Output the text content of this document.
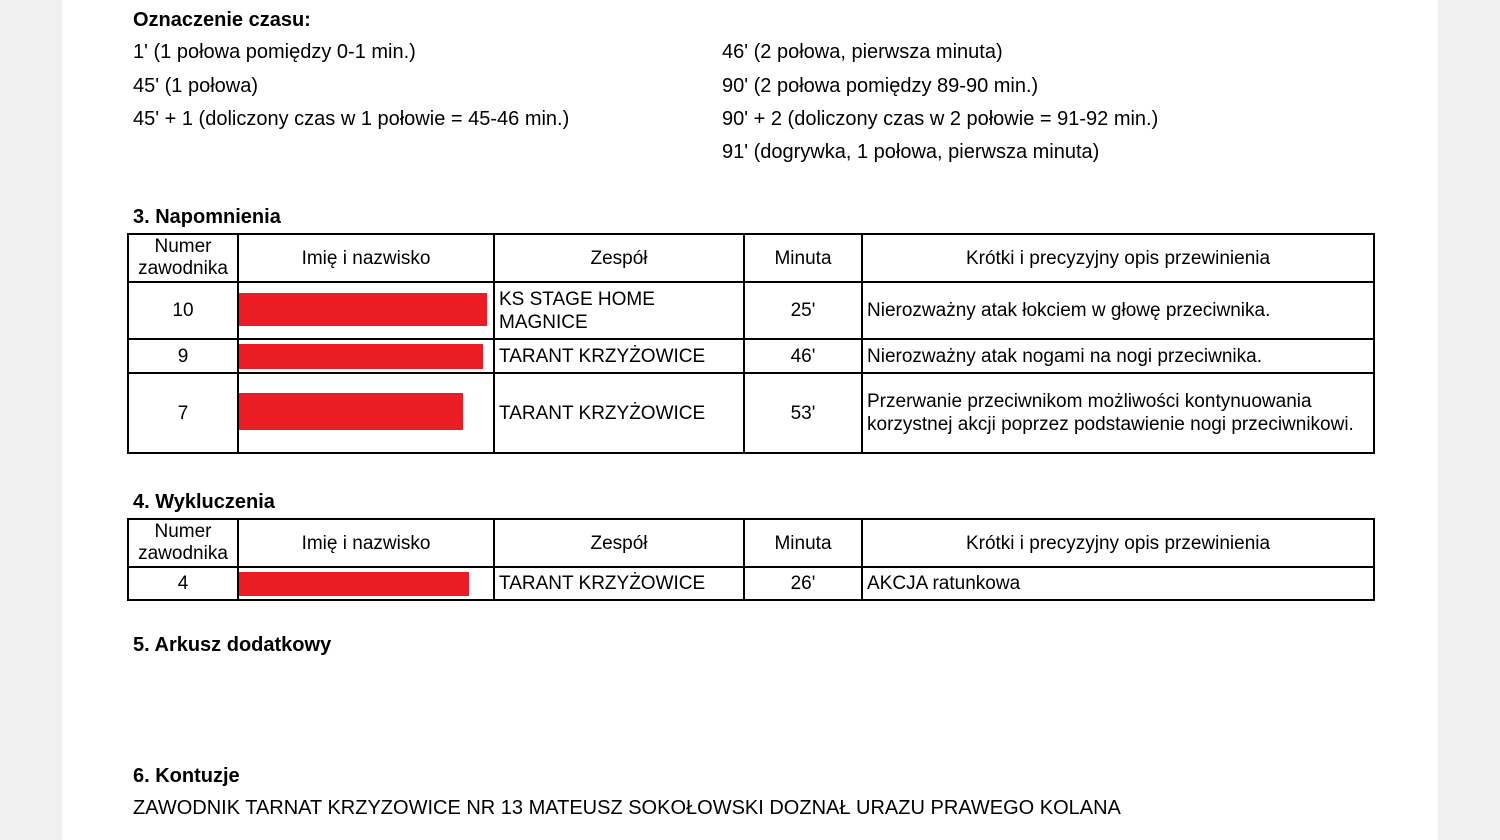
Oznaczenie czasu:
1' (1 połowa pomiędzy 0-1 min.)
45' (1 połowa)
45' + 1 (doliczony czas w 1 połowie = 45-46 min.)
46' (2 połowa, pierwsza minuta)
90' (2 połowa pomiędzy 89-90 min.)
90' + 2 (doliczony czas w 2 połowie = 91-92 min.)
91' (dogrywka, 1 połowa, pierwsza minuta)
3. Napomnienia
Numer zawodnika	Imię i nazwisko	Zespół	Minuta	Krótki i precyzyjny opis przewinienia
10		KS STAGE HOME MAGNICE	25'	Nierozważny atak łokciem w głowę przeciwnika.
9		TARANT KRZYŻOWICE	46'	Nierozważny atak nogami na nogi przeciwnika.
7		TARANT KRZYŻOWICE	53'	Przerwanie przeciwnikom możliwości kontynuowania korzystnej akcji poprzez podstawienie nogi przeciwnikowi.
4. Wykluczenia
Numer zawodnika	Imię i nazwisko	Zespół	Minuta	Krótki i precyzyjny opis przewinienia
4		TARANT KRZYŻOWICE	26'	AKCJA ratunkowa
5. Arkusz dodatkowy
6. Kontuzje
ZAWODNIK TARNAT KRZYZOWICE NR 13 MATEUSZ SOKOŁOWSKI DOZNAŁ URAZU PRAWEGO KOLANA
